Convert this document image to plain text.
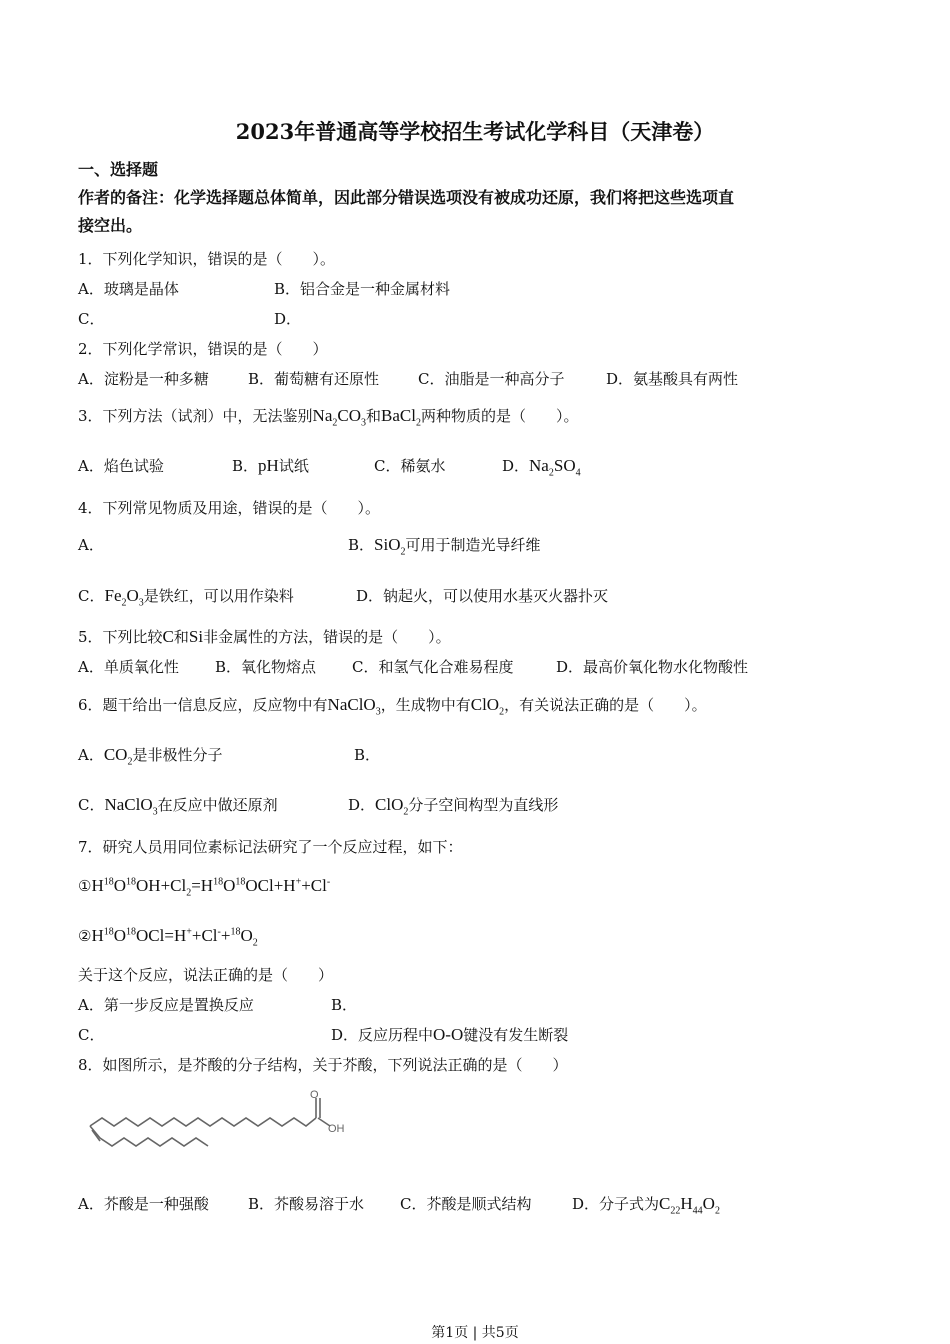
2023年普通高等学校招生考试化学科目（天津卷）
一、选择题
作者的备注：化学选择题总体简单，因此部分错误选项没有被成功还原，我们将把这些选项直
接空出。
1．下列化学知识，错误的是（　　）。
A．玻璃是晶体	B．铝合金是一种金属材料
C．	D．
2．下列化学常识，错误的是（　　）
A．淀粉是一种多糖	B．葡萄糖有还原性	C．油脂是一种高分子	D．氨基酸具有两性
3．下列方法（试剂）中，无法鉴别$Na_2CO_3$和BaCl$_2$两种物质的是（　　）。
A．焰色试验	B．pH试纸	C．稀氨水	D．$Na_2SO_4$
4．下列常见物质及用途，错误的是（　　）。
A．	B．SiO$_2$可用于制造光导纤维
C．$Fe_2O_3$是铁红，可以用作染料	D．钠起火，可以使用水基灭火器扑灭
5．下列比较C和Si非金属性的方法，错误的是（　　）。
A．单质氧化性 B．氧化物熔点 C．和氢气化合难易程度	D．最高价氧化物水化物酸性
6．题干给出一信息反应，反应物中有NaClO$_3$，生成物中有ClO$_2$，有关说法正确的是（　　）。
A．$CO_2$是非极性分子	B．
C．NaClO$_3$在反应中做还原剂	D．ClO$_2$分子空间构型为直线形
7．研究人员用同位素标记法研究了一个反应过程，如下：
$①H^{18}O^{18}OH+Cl_2=H^{18}O^{18}OCl+H^++Cl^-$
$②H^{18}O^{18}OCl=H^++Cl^-+^{18}O_2$
关于这个反应，说法正确的是（　　）
A．第一步反应是置换反应	B．
C．	D．反应历程中O-O键没有发生断裂
8．如图所示，是芥酸的分子结构，关于芥酸，下列说法正确的是（　　）
O
OH
A．芥酸是一种强酸	B．芥酸易溶于水 C．芥酸是顺式结构	D．分子式为$C_{22}H_{44}O_2$
第1页 | 共5页
